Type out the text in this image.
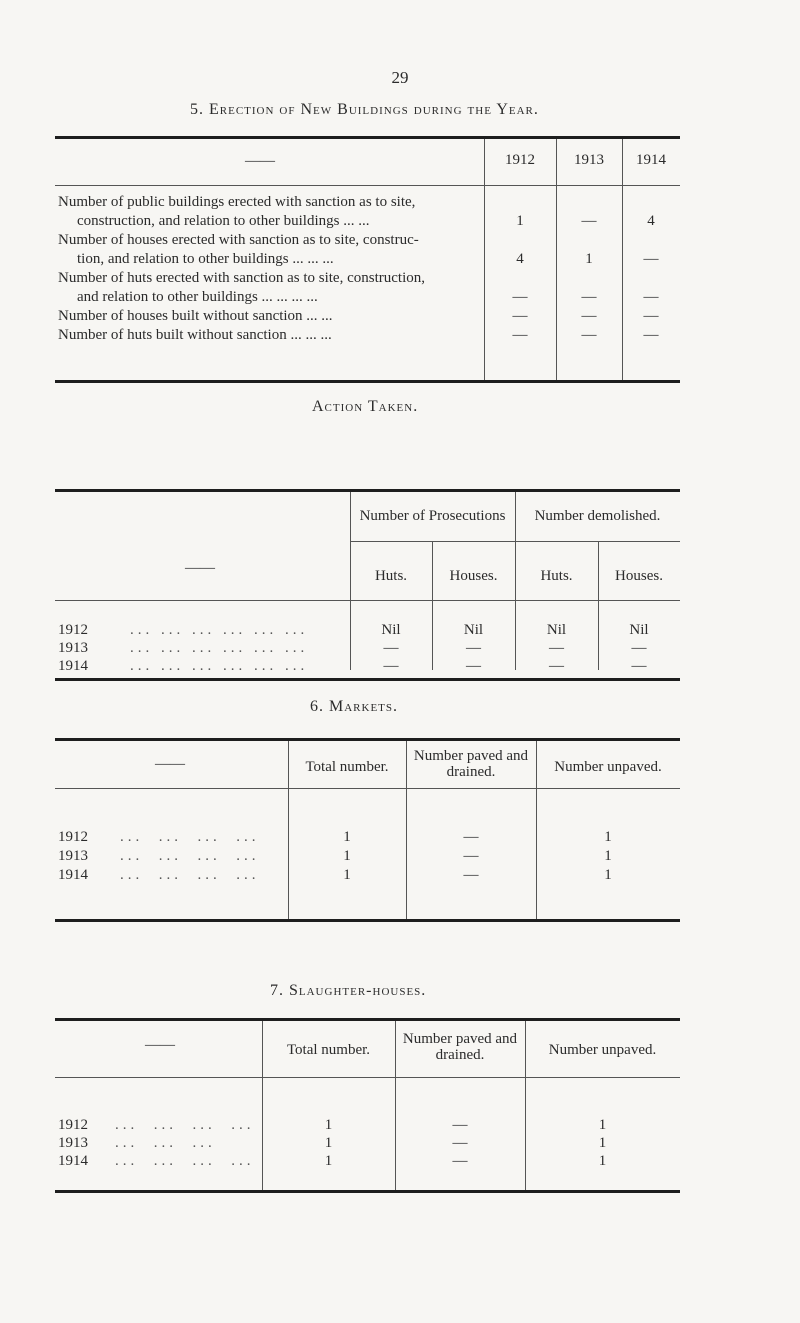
29
5. Erection of New Buildings during the Year.
——	1912	1913	1914
Number of public buildings erected with sanction as to site,
construction, and relation to other buildings ... ...	1	—	4
Number of houses erected with sanction as to site, construc-
tion, and relation to other buildings ... ... ...	4	1	—
Number of huts erected with sanction as to site, construction,
and relation to other buildings ... ... ... ...	—	—	—
Number of houses built without sanction ... ...	—	—	—
Number of huts built without sanction ... ... ...	—	—	—
Action Taken.
Number of Prosecutions	Number demolished.
——	Huts.	Houses.	Huts.	Houses.
1912	... ... ... ... ... ...	Nil	Nil	Nil	Nil
1913	... ... ... ... ... ...	—	—	—	—
1914	... ... ... ... ... ...	—	—	—	—
6. Markets.
——	Total number.
Number paved and drained.	Number unpaved.
1912 ...  ...  ...  ...	1	—	1
1913 ...  ...  ...  ...	1	—	1
1914 ...  ...  ...  ...	1	—	1
7. Slaughter-houses.
——	Total number.
Number paved and drained.	Number unpaved.
1912 ...  ...  ...  ...	1	—	1
1913 ...  ...  ...	1	—	1
1914 ...  ...  ...  ...	1	—	1
